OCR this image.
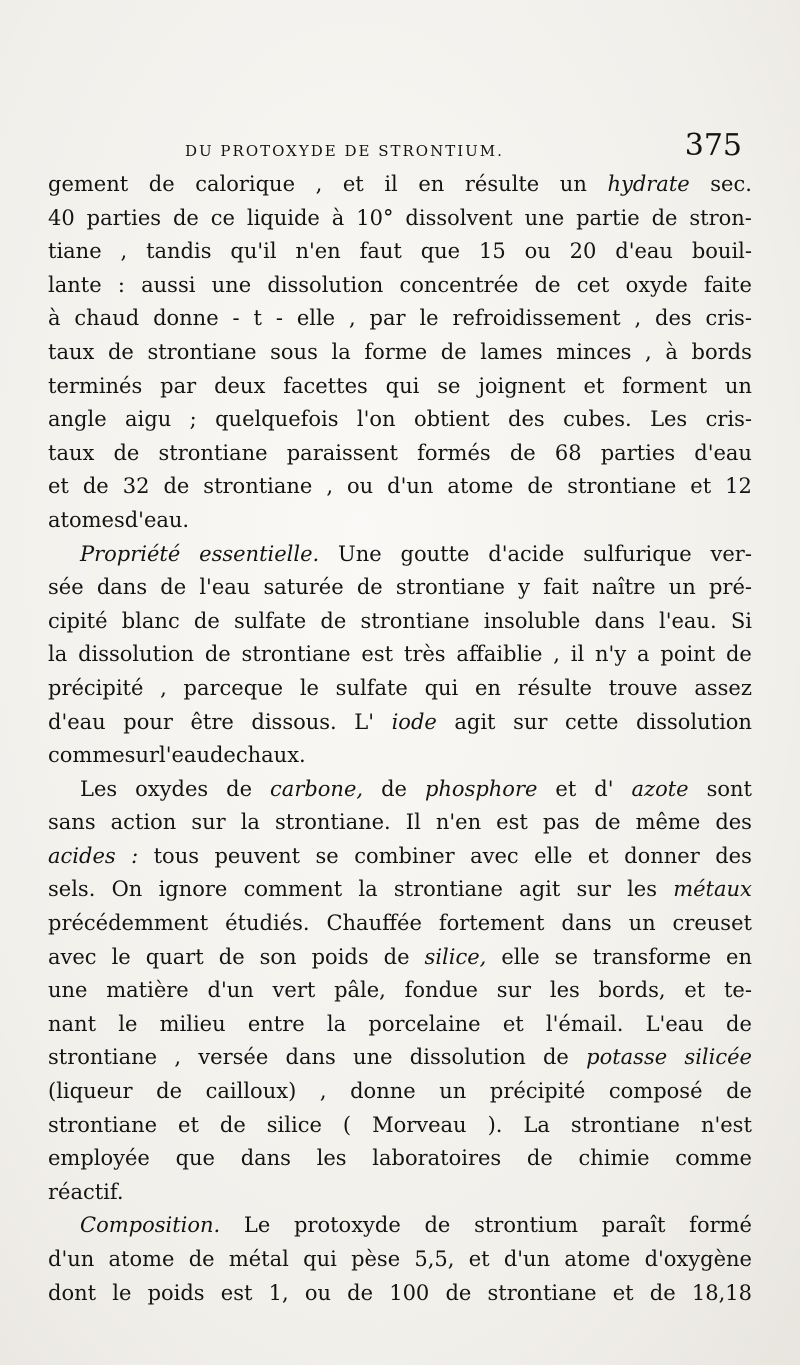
DU PROTOXYDE DE STRONTIUM.	375
gement de calorique , et il en résulte un hydrate sec.
40 parties de ce liquide à 10° dissolvent une partie de stron-
tiane , tandis qu'il n'en faut que 15 ou 20 d'eau bouil-
lante : aussi une dissolution concentrée de cet oxyde faite
à chaud donne - t - elle , par le refroidissement , des cris-
taux de strontiane sous la forme de lames minces , à bords
terminés par deux facettes qui se joignent et forment un
angle aigu ; quelquefois l'on obtient des cubes. Les cris-
taux de strontiane paraissent formés de 68 parties d'eau
et de 32 de strontiane , ou d'un atome de strontiane et 12
atomes d'eau.
Propriété essentielle. Une goutte d'acide sulfurique ver-
sée dans de l'eau saturée de strontiane y fait naître un pré-
cipité blanc de sulfate de strontiane insoluble dans l'eau. Si
la dissolution de strontiane est très affaiblie , il n'y a point de
précipité , parceque le sulfate qui en résulte trouve assez
d'eau pour être dissous. L' iode agit sur cette dissolution
comme sur l'eau de chaux.
Les oxydes de carbone, de phosphore et d' azote sont
sans action sur la strontiane. Il n'en est pas de même des
acides : tous peuvent se combiner avec elle et donner des
sels. On ignore comment la strontiane agit sur les métaux
précédemment étudiés. Chauffée fortement dans un creuset
avec le quart de son poids de silice, elle se transforme en
une matière d'un vert pâle, fondue sur les bords, et te-
nant le milieu entre la porcelaine et l'émail. L'eau de
strontiane , versée dans une dissolution de potasse silicée
(liqueur de cailloux) , donne un précipité composé de
strontiane et de silice ( Morveau ). La strontiane n'est
employée que dans les laboratoires de chimie comme
réactif.
Composition. Le protoxyde de strontium paraît formé
d'un atome de métal qui pèse 5,5, et d'un atome d'oxygène
dont le poids est 1, ou de 100 de strontiane et de 18,18
